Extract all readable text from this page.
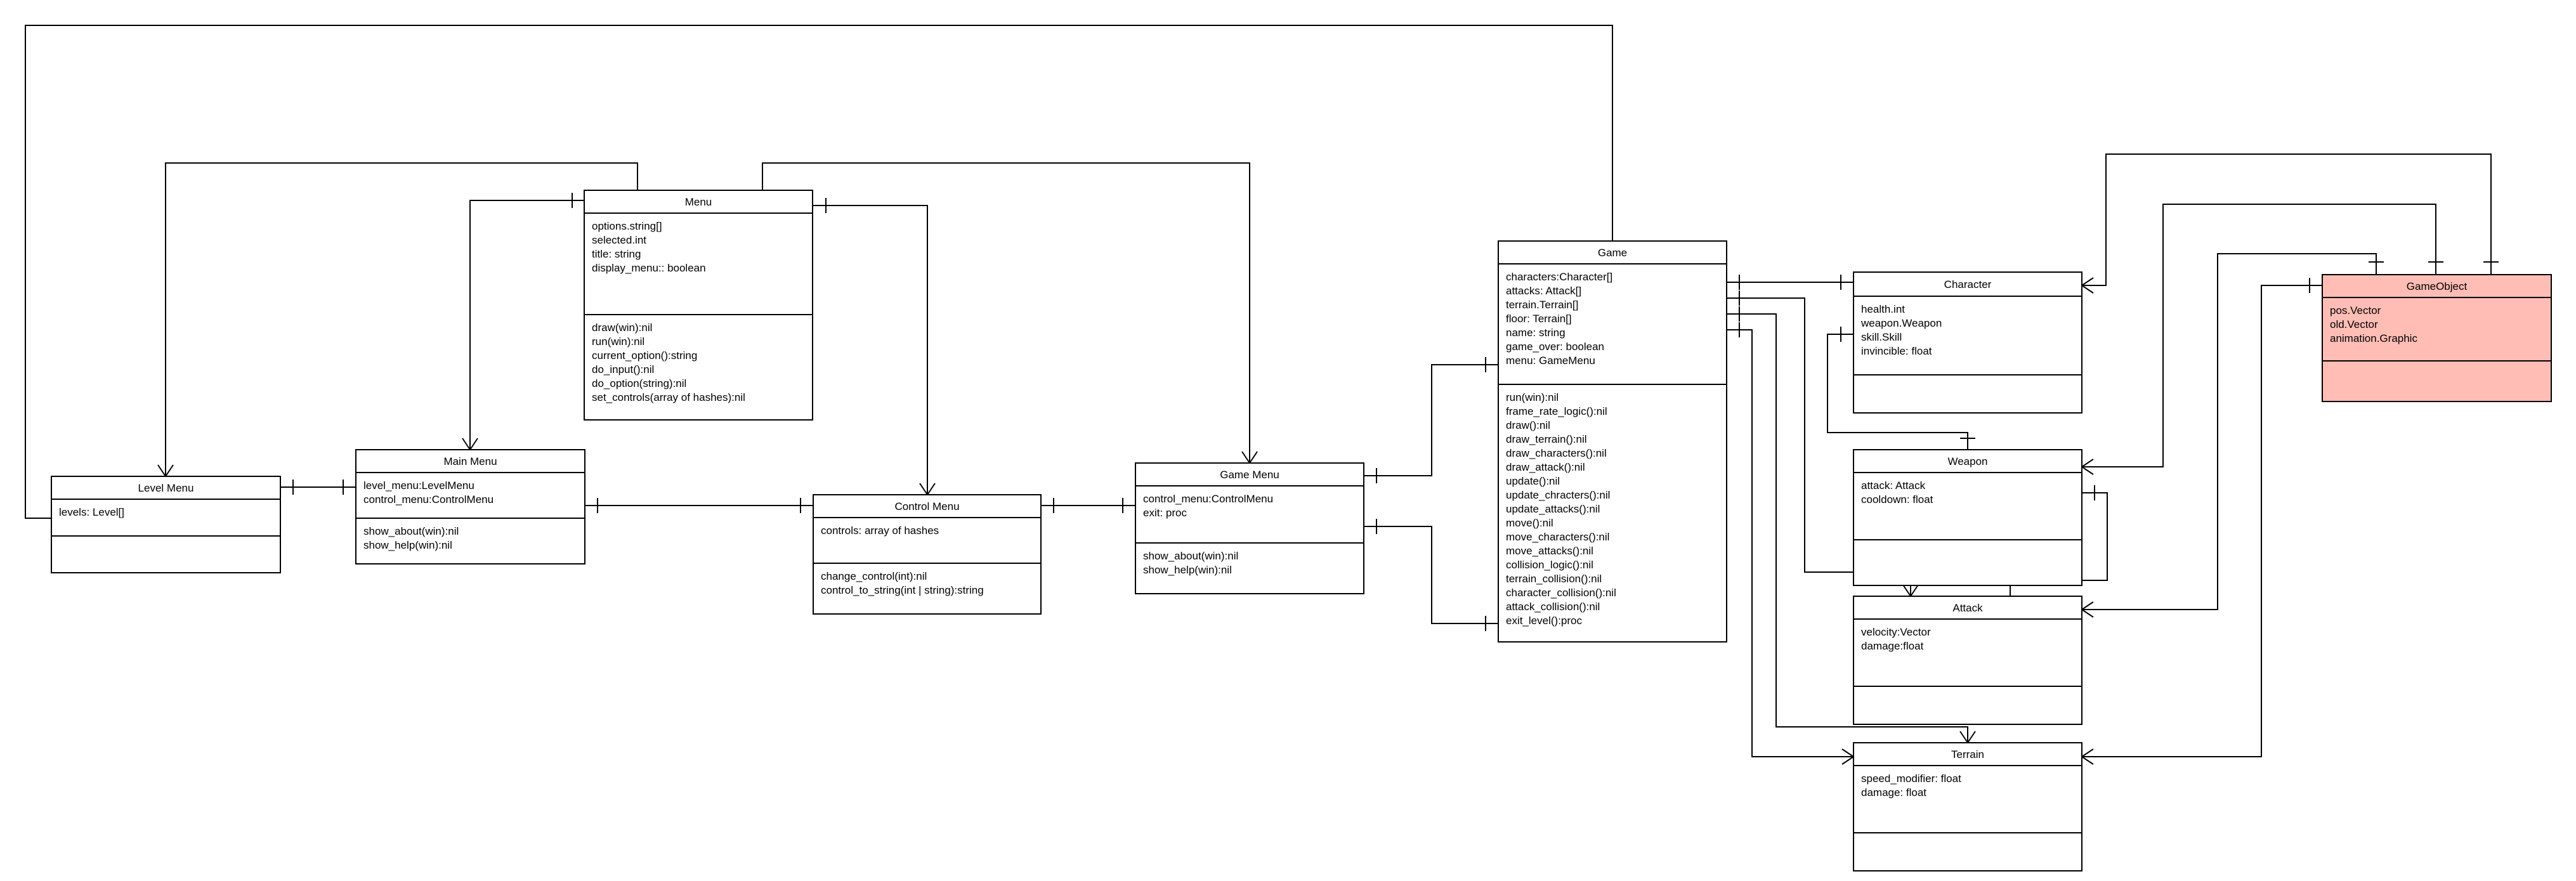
Menu
options.string[]
selected.int
title: string
display_menu:: boolean
draw(win):nil
run(win):nil
current_option():string
do_input():nil
do_option(string):nil
set_controls(array of hashes):nil
Level Menu
levels: Level[]
Main Menu
level_menu:LevelMenu
control_menu:ControlMenu
show_about(win):nil
show_help(win):nil
Control Menu
controls: array of hashes
change_control(int):nil
control_to_string(int | string):string
Game Menu
control_menu:ControlMenu
exit: proc
show_about(win):nil
show_help(win):nil
Game
characters:Character[]
attacks: Attack[]
terrain.Terrain[]
floor: Terrain[]
name: string
game_over: boolean
menu: GameMenu
run(win):nil
frame_rate_logic():nil
draw():nil
draw_terrain():nil
draw_characters():nil
draw_attack():nil
update():nil
update_chracters():nil
update_attacks():nil
move():nil
move_characters():nil
move_attacks():nil
collision_logic():nil
terrain_collision():nil
character_collision():nil
attack_collision():nil
exit_level():proc
Character
health.int
weapon.Weapon
skill.Skill
invincible: float
Weapon
attack: Attack
cooldown: float
Attack
velocity:Vector
damage:float
Terrain
speed_modifier: float
damage: float
GameObject
pos.Vector
old.Vector
animation.Graphic
